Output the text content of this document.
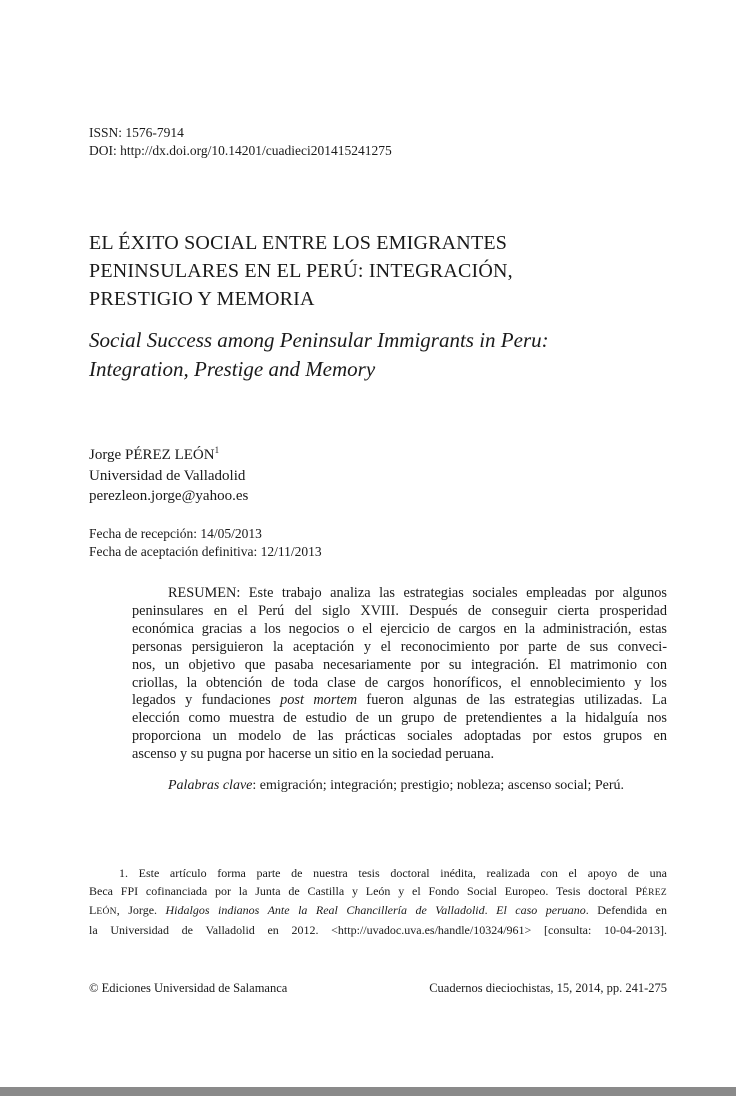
ISSN: 1576-7914
DOI: http://dx.doi.org/10.14201/cuadieci201415241275
EL ÉXITO SOCIAL ENTRE LOS EMIGRANTES
PENINSULARES EN EL PERÚ: INTEGRACIÓN,
PRESTIGIO Y MEMORIA
Social Success among Peninsular Immigrants in Peru:
Integration, Prestige and Memory
Jorge PÉREZ LEÓN$^1$
Universidad de Valladolid
perezleon.jorge@yahoo.es
Fecha de recepción: 14/05/2013
Fecha de aceptación definitiva: 12/11/2013
RESUMEN: Este trabajo analiza las estrategias sociales empleadas por algunos
peninsulares en el Perú del siglo XVIII. Después de conseguir cierta prosperidad
económica gracias a los negocios o el ejercicio de cargos en la administración, estas
personas persiguieron la aceptación y el reconocimiento por parte de sus conveci-
nos, un objetivo que pasaba necesariamente por su integración. El matrimonio con
criollas, la obtención de toda clase de cargos honoríficos, el ennoblecimiento y los
legados y fundaciones post mortem fueron algunas de las estrategias utilizadas. La
elección como muestra de estudio de un grupo de pretendientes a la hidalguía nos
proporciona un modelo de las prácticas sociales adoptadas por estos grupos en
ascenso y su pugna por hacerse un sitio en la sociedad peruana.
Palabras clave: emigración; integración; prestigio; nobleza; ascenso social; Perú.
1. Este artículo forma parte de nuestra tesis doctoral inédita, realizada con el apoyo de una
Beca FPI cofinanciada por la Junta de Castilla y León y el Fondo Social Europeo. Tesis doctoral PÉREZ
LEÓN, Jorge. Hidalgos indianos Ante la Real Chancillería de Valladolid. El caso peruano. Defendida en
la Universidad de Valladolid en 2012. <http://uvadoc.uva.es/handle/10324/961> [consulta: 10-04-2013].
© Ediciones Universidad de Salamanca	Cuadernos dieciochistas, 15, 2014, pp. 241-275
